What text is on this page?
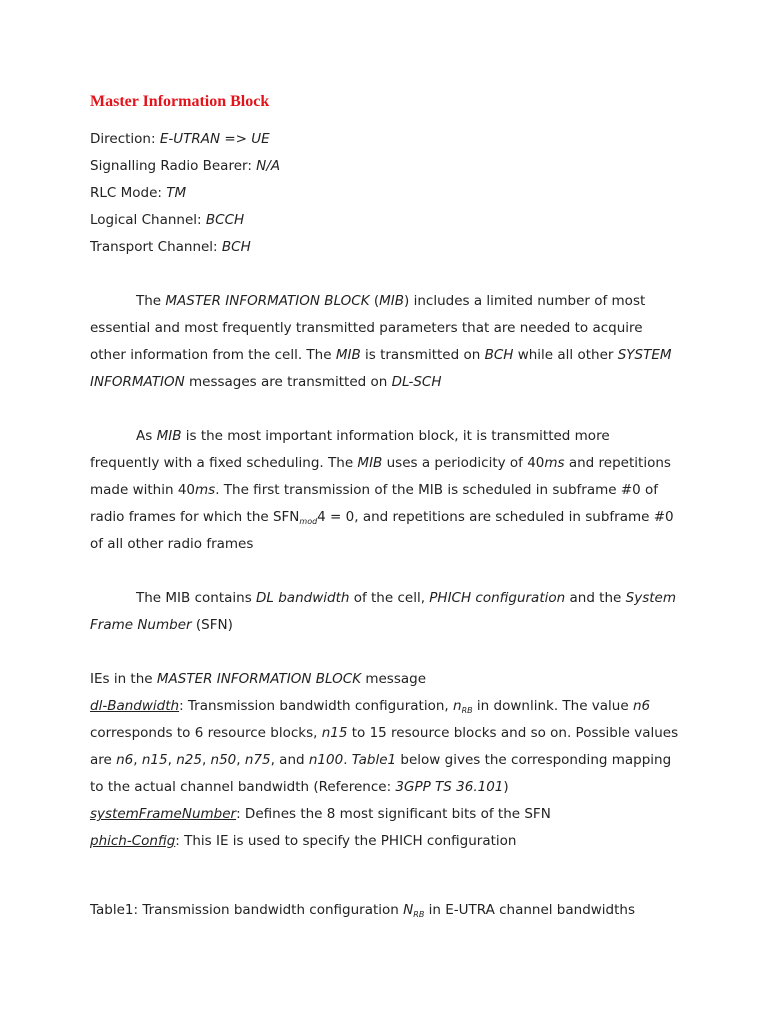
Master Information Block
Direction: E-UTRAN => UE
Signalling Radio Bearer: N/A
RLC Mode: TM
Logical Channel: BCCH
Transport Channel: BCH
The MASTER INFORMATION BLOCK (MIB) includes a limited number of most
essential and most frequently transmitted parameters that are needed to acquire
other information from the cell. The MIB is transmitted on BCH while all other SYSTEM
INFORMATION messages are transmitted on DL-SCH
As MIB is the most important information block, it is transmitted more
frequently with a fixed scheduling. The MIB uses a periodicity of 40ms and repetitions
made within 40ms. The first transmission of the MIB is scheduled in subframe #0 of
radio frames for which the $SFN_{mod}4 = 0$, and repetitions are scheduled in subframe #0
of all other radio frames
The MIB contains DL bandwidth of the cell, PHICH configuration and the System
Frame Number (SFN)
IEs in the MASTER INFORMATION BLOCK message
dl-Bandwidth: Transmission bandwidth configuration, $n_{RB}$ in downlink. The value n6
corresponds to 6 resource blocks, n15 to 15 resource blocks and so on. Possible values
are n6, n15, n25, n50, n75, and n100. Table1 below gives the corresponding mapping
to the actual channel bandwidth (Reference: 3GPP TS 36.101)
systemFrameNumber: Defines the 8 most significant bits of the SFN
phich-Config: This IE is used to specify the PHICH configuration
Table1: Transmission bandwidth configuration $N_{RB}$ in E-UTRA channel bandwidths
